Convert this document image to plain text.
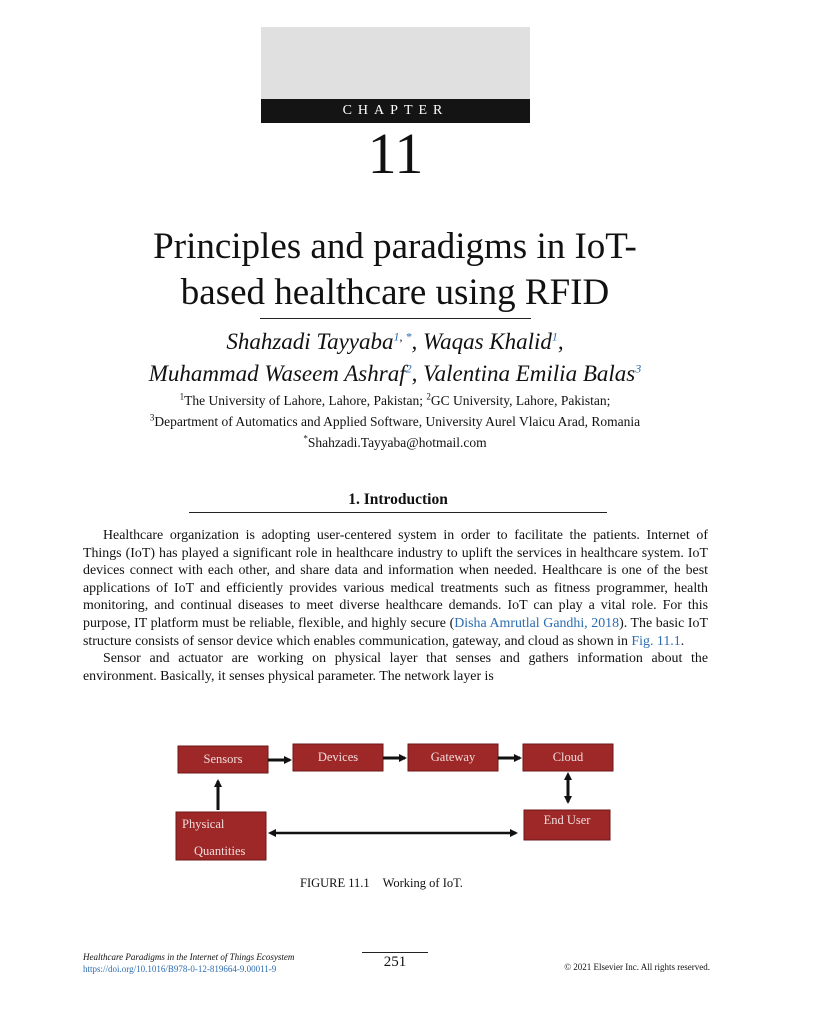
CHAPTER
11
Principles and paradigms in IoT-
based healthcare using RFID
Shahzadi Tayyaba$^{1, *}$, Waqas Khalid$^1$,
Muhammad Waseem Ashraf$^2$, Valentina Emilia Balas$^3$
$^1$The University of Lahore, Lahore, Pakistan; $^2$GC University, Lahore, Pakistan;
$^3$Department of Automatics and Applied Software, University Aurel Vlaicu Arad, Romania
*Shahzadi.Tayyaba@hotmail.com
1. Introduction

Healthcare organization is adopting user-centered system in order to facilitate the patients. Internet of Things (IoT) has played a significant role in healthcare industry to uplift the services in healthcare system. IoT devices connect with each other, and share data and information when needed. Healthcare is one of the best applications of IoT and efficiently provides various medical treatments such as fitness programmer, health monitoring, and continual diseases to meet diverse healthcare demands. IoT can play a vital role. For this purpose, IT platform must be reliable, flexible, and highly secure (Disha Amrutlal Gandhi, 2018). The basic IoT structure consists of sensor device which enables communication, gateway, and cloud as shown in Fig. 11.1.

Sensor and actuator are working on physical layer that senses and gathers information about the environment. Basically, it senses physical parameter. The network layer is

Sensors	Devices	Gateway	Cloud
Physical
Quantities
End User
FIGURE 11.1 Working of IoT.
Healthcare Paradigms in the Internet of Things Ecosystem
https://doi.org/10.1016/B978-0-12-819664-9.00011-9	251	© 2021 Elsevier Inc. All rights reserved.
